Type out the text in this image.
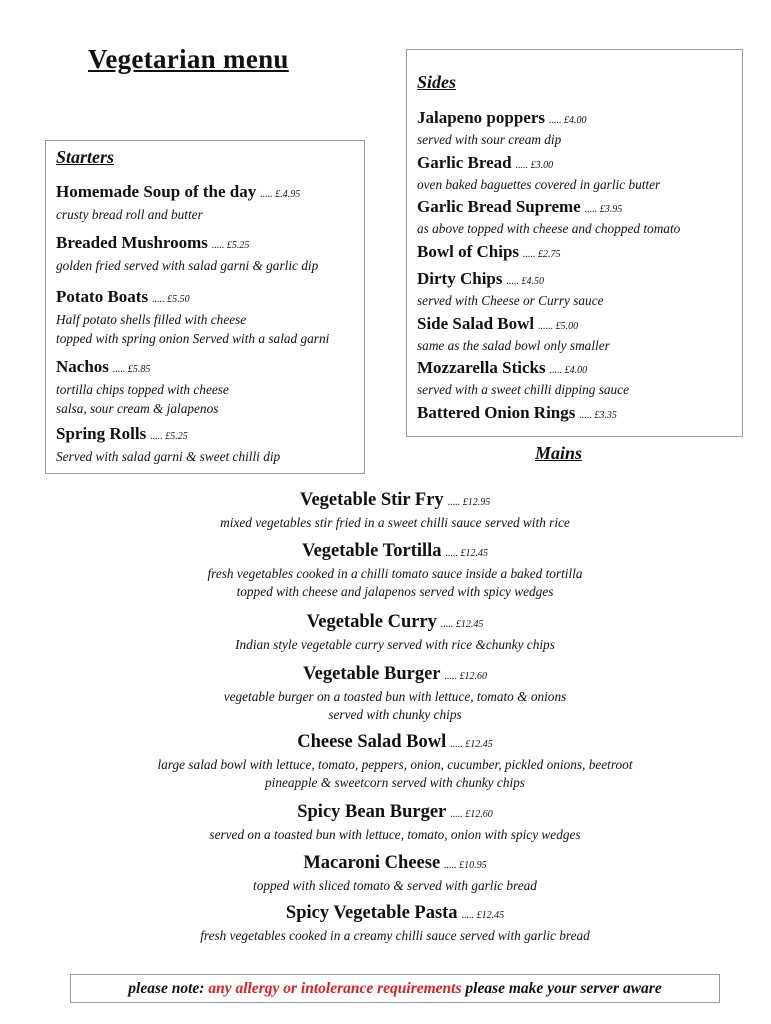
Vegetarian menu
Starters
Homemade Soup of the day ..... £.4.95
crusty bread roll and butter
Breaded Mushrooms ..... £5.25
golden fried served with salad garni & garlic dip
Potato Boats ..... £5.50
Half potato shells filled with cheese
topped with spring onion Served with a salad garni
Nachos ..... £5.85
tortilla chips topped with cheese
salsa, sour cream & jalapenos
Spring Rolls ..... £5.25
Served with salad garni & sweet chilli dip
Sides
Jalapeno poppers ..... £4.00
served with sour cream dip
Garlic Bread ..... £3.00
oven baked baguettes covered in garlic butter
Garlic Bread Supreme ..... £3.95
as above topped with cheese and chopped tomato
Bowl of Chips ..... £2.75
Dirty Chips ..... £4.50
served with Cheese or Curry sauce
Side Salad Bowl ...... £5.00
same as the salad bowl only smaller
Mozzarella Sticks ..... £4.00
served with a sweet chilli dipping sauce
Battered Onion Rings ..... £3.35
Mains
Vegetable Stir Fry ..... £12.95
mixed vegetables stir fried in a sweet chilli sauce served with rice
Vegetable Tortilla ..... £12.45
fresh vegetables cooked in a chilli tomato sauce inside a baked tortilla
topped with cheese and jalapenos served with spicy wedges
Vegetable Curry ..... £12.45
Indian style vegetable curry served with rice &chunky chips
Vegetable Burger ..... £12.60
vegetable burger on a toasted bun with lettuce, tomato & onions
served with chunky chips
Cheese Salad Bowl ..... £12.45
large salad bowl with lettuce, tomato, peppers, onion, cucumber, pickled onions, beetroot
pineapple & sweetcorn served with chunky chips
Spicy Bean Burger ..... £12.60
served on a toasted bun with lettuce, tomato, onion with spicy wedges
Macaroni Cheese ..... £10.95
topped with sliced tomato & served with garlic bread
Spicy Vegetable Pasta ..... £12.45
fresh vegetables cooked in a creamy chilli sauce served with garlic bread
please note: any allergy or intolerance requirements please make your server aware
